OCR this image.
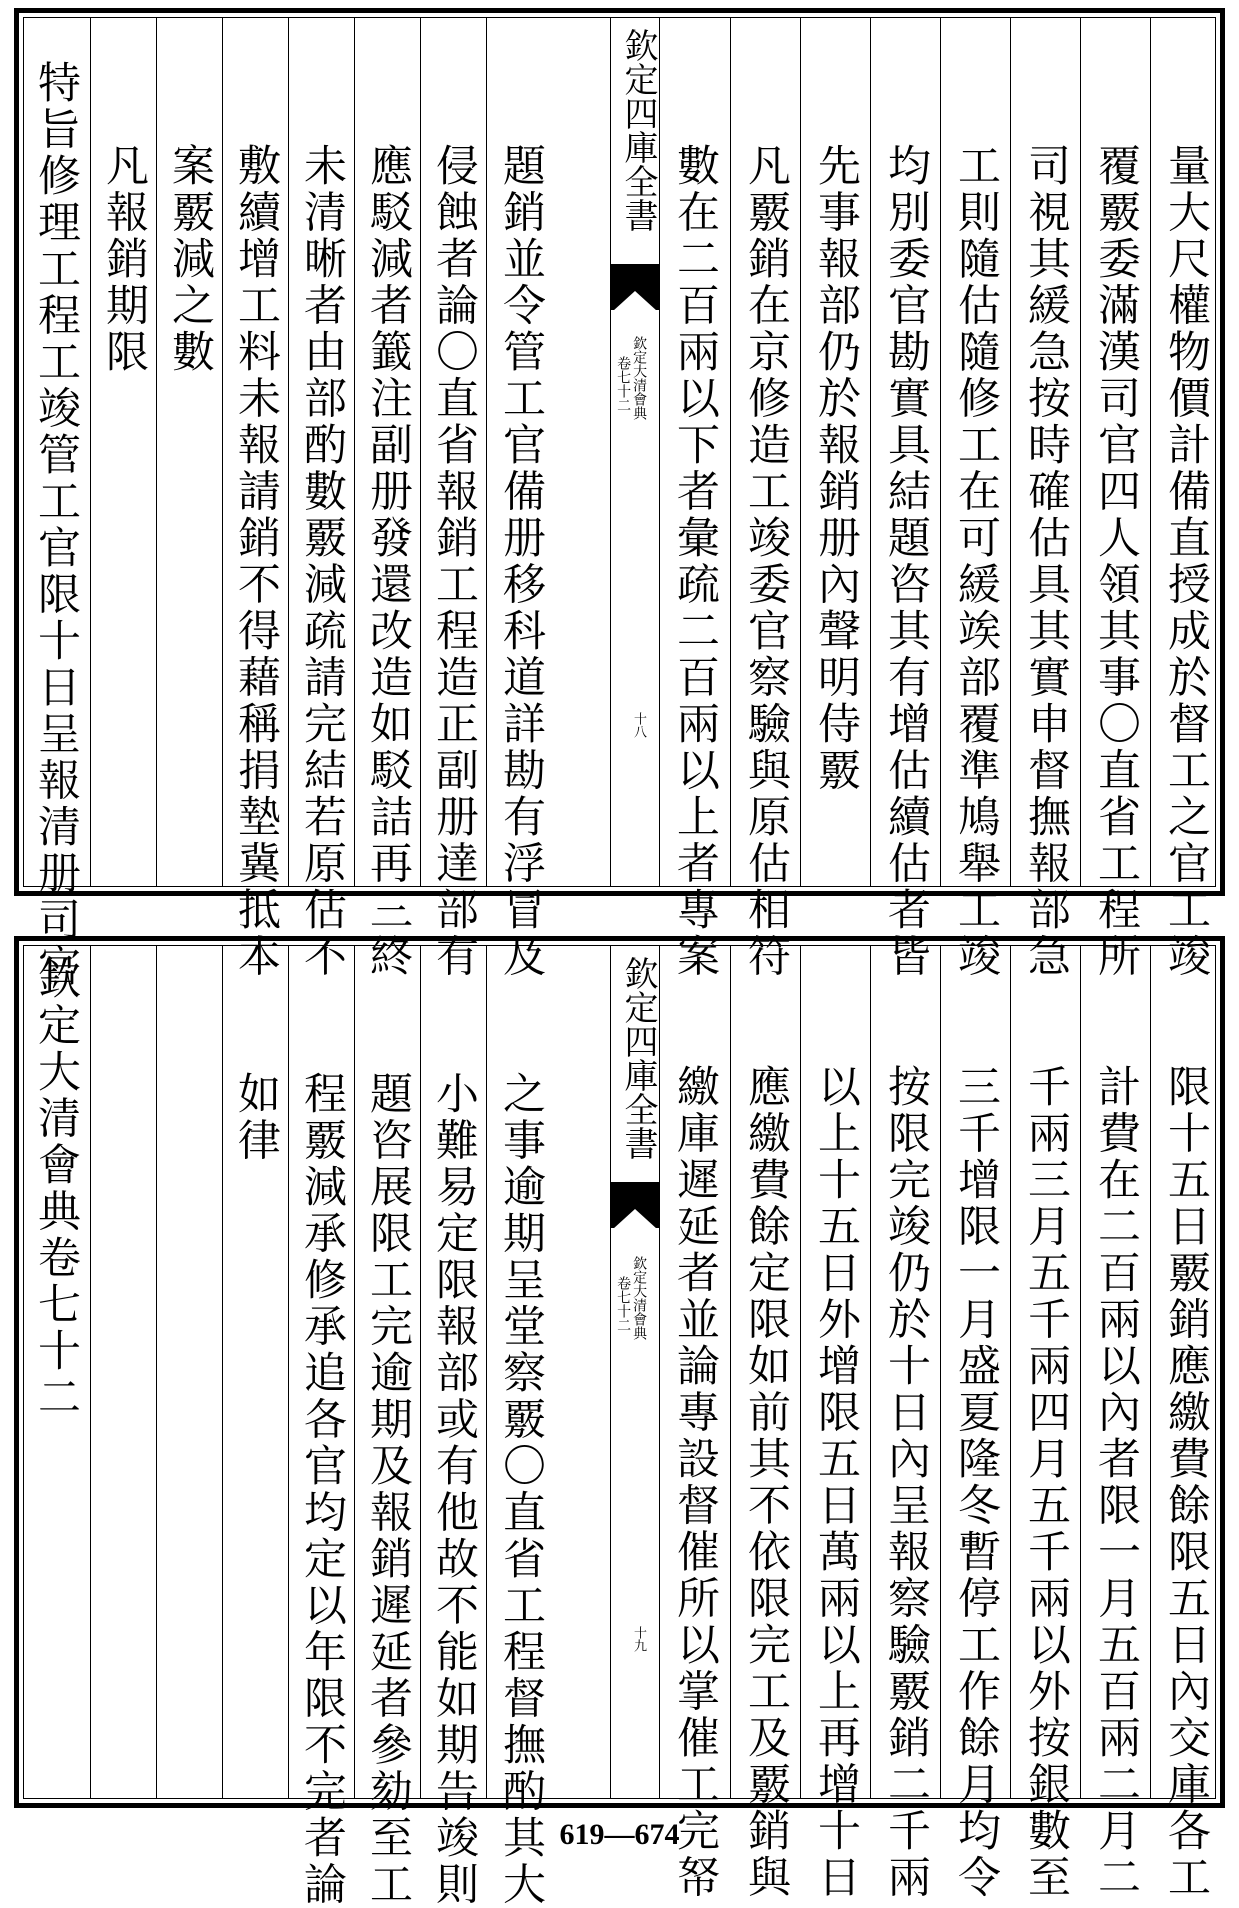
特旨修理工程工竣管工官限十日呈報清册司官 凡報銷期限 案覈減之數 敷續增工料未報請銷不得藉稱捐墊冀抵本 未清晰者由部酌數覈減疏請完結若原估不 應駁減者籖注副册發還改造如駁詰再三終 侵蝕者論〇直省報銷工程造正副册達部有 題銷並令管工官備册移科道詳勘有浮冒及
欽定四庫全書
欽定大清會典
卷七十二
十八 數在二百兩以下者彙疏二百兩以上者專案 凡覈銷在京修造工竣委官察驗與原估相符 先事報部仍於報銷册內聲明侍覈 均別委官勘實具結題咨其有增估續估者皆 工則隨估隨修工在可緩竢部覆準鳩舉工竣 司視其緩急按時確估具其實申督撫報部急 覆覈委滿漢司官四人領其事〇直省工程所 量大尺權物價計備直授成於督工之官工竣
欽定大清會典卷七十二	如律 程覈減承修承追各官均定以年限不完者論 題咨展限工完逾期及報銷遲延者參劾至工 小難易定限報部或有他故不能如期告竣則 之事逾期呈堂察覈〇直省工程督撫酌其大
欽定四庫全書
欽定大清會典
卷七十二
十九 繳庫遲延者並論專設督催所以掌催工完帑 應繳費餘定限如前其不依限完工及覈銷與 以上十五日外增限五日萬兩以上再增十日 按限完竣仍於十日內呈報察驗覈銷二千兩 三千增限一月盛夏隆冬暫停工作餘月均令 千兩三月五千兩四月五千兩以外按銀數至 計費在二百兩以內者限一月五百兩二月二 限十五日覈銷應繳費餘限五日內交庫各工
619—674
